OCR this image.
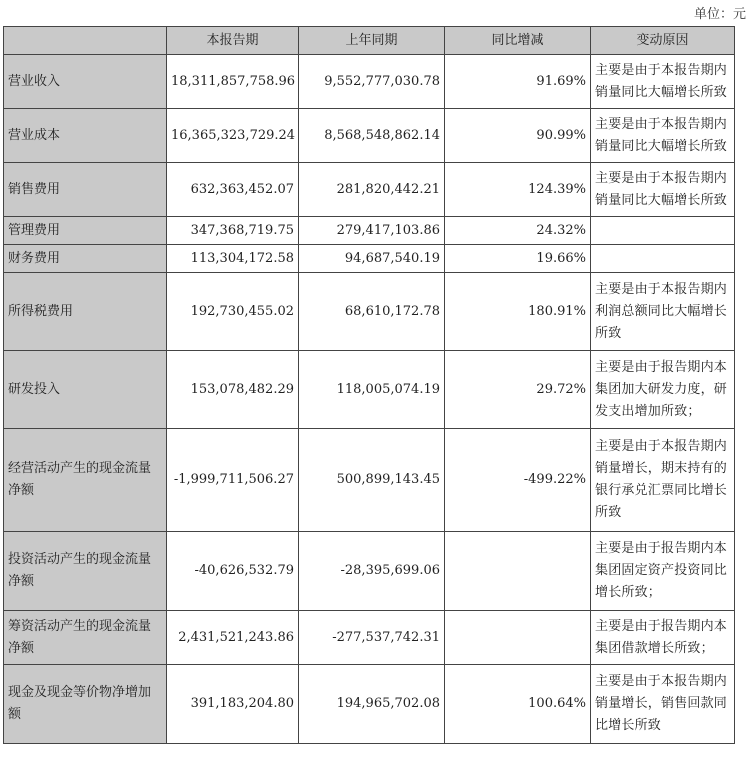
单位：元
	本报告期	上年同期	同比增减	变动原因
营业收入	18,311,857,758.96	9,552,777,030.78	91.69%	主要是由于本报告期内销量同比大幅增长所致
营业成本	16,365,323,729.24	8,568,548,862.14	90.99%	主要是由于本报告期内销量同比大幅增长所致
销售费用	632,363,452.07	281,820,442.21	124.39%	主要是由于本报告期内销量同比大幅增长所致
管理费用	347,368,719.75	279,417,103.86	24.32%	
财务费用	113,304,172.58	94,687,540.19	19.66%	
所得税费用	192,730,455.02	68,610,172.78	180.91%	主要是由于本报告期内利润总额同比大幅增长所致
研发投入	153,078,482.29	118,005,074.19	29.72%	主要是由于报告期内本集团加大研发力度，研发支出增加所致；
经营活动产生的现金流量净额	-1,999,711,506.27	500,899,143.45	-499.22%	主要是由于本报告期内销量增长，期末持有的银行承兑汇票同比增长所致
投资活动产生的现金流量净额	-40,626,532.79	-28,395,699.06		主要是由于报告期内本集团固定资产投资同比增长所致；
筹资活动产生的现金流量净额	2,431,521,243.86	-277,537,742.31		主要是由于报告期内本集团借款增长所致；
现金及现金等价物净增加额	391,183,204.80	194,965,702.08	100.64%	主要是由于本报告期内销量增长，销售回款同比增长所致
